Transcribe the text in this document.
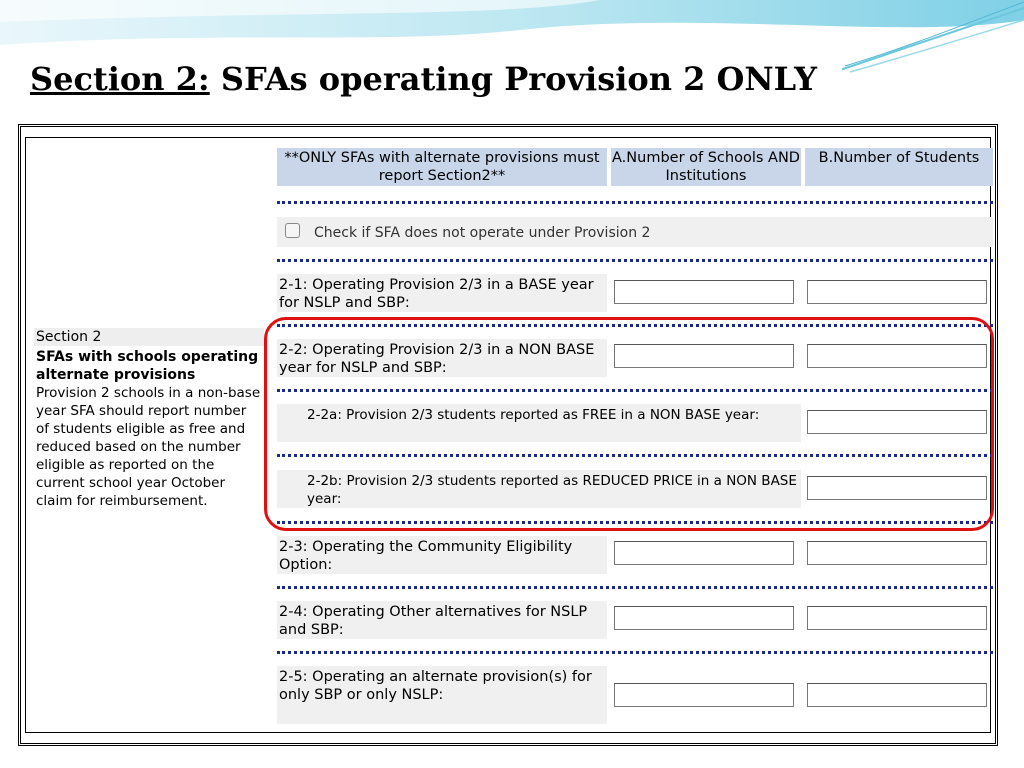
Section 2: SFAs operating Provision 2 ONLY
Section 2
SFAs with schools operating alternate provisions
Provision 2 schools in a non-base year SFA should report number of students eligible as free and reduced based on the number eligible as reported on the current school year October claim for reimbursement.
**ONLY SFAs with alternate provisions must report Section2**
A.Number of Schools AND Institutions
B.Number of Students
Check if SFA does not operate under Provision 2
2-1: Operating Provision 2/3 in a BASE year for NSLP and SBP:
2-2: Operating Provision 2/3 in a NON BASE year for NSLP and SBP:
2-2a: Provision 2/3 students reported as FREE in a NON BASE year:
2-2b: Provision 2/3 students reported as REDUCED PRICE in a NON BASE year:
2-3: Operating the Community Eligibility Option:
2-4: Operating Other alternatives for NSLP and SBP:
2-5: Operating an alternate provision(s) for only SBP or only NSLP:
